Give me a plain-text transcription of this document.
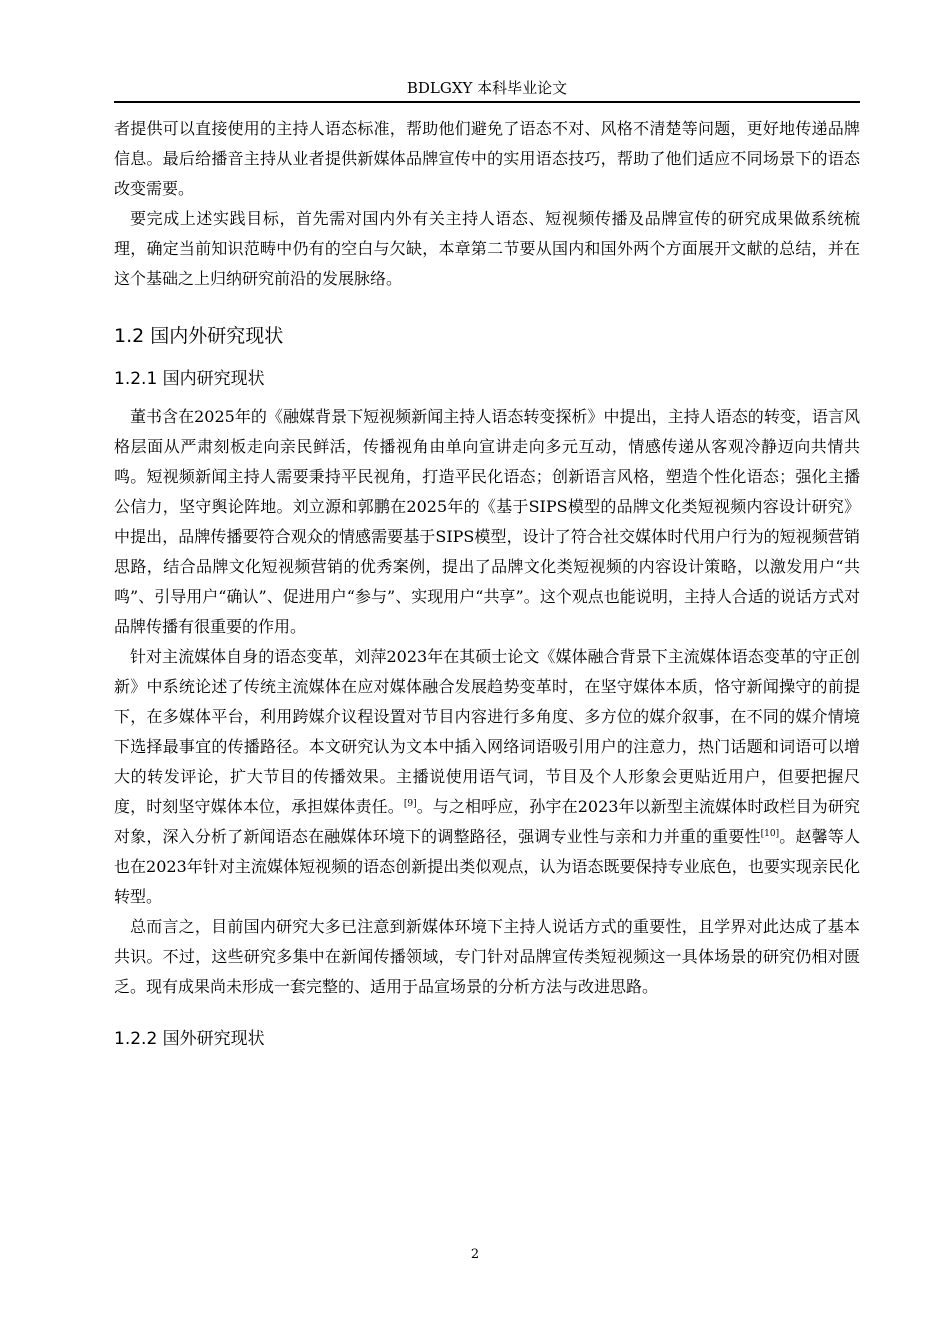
BDLGXY 本科毕业论文

者提供可以直接使用的主持人语态标准，帮助他们避免了语态不对、风格不清楚等问题，更好地传递品牌信息。最后给播音主持从业者提供新媒体品牌宣传中的实用语态技巧，帮助了他们适应不同场景下的语态改变需要。

要完成上述实践目标，首先需对国内外有关主持人语态、短视频传播及品牌宣传的研究成果做系统梳理，确定当前知识范畴中仍有的空白与欠缺，本章第二节要从国内和国外两个方面展开文献的总结，并在这个基础之上归纳研究前沿的发展脉络。

1.2 国内外研究现状
1.2.1 国内研究现状

董书含在2025年的《融媒背景下短视频新闻主持人语态转变探析》中提出，主持人语态的转变，语言风格层面从严肃刻板走向亲民鲜活，传播视角由单向宣讲走向多元互动，情感传递从客观冷静迈向共情共鸣。短视频新闻主持人需要秉持平民视角，打造平民化语态；创新语言风格，塑造个性化语态；强化主播公信力，坚守舆论阵地。刘立源和郭鹏在2025年的《基于SIPS模型的品牌文化类短视频内容设计研究》中提出，品牌传播要符合观众的情感需要基于SIPS模型，设计了符合社交媒体时代用户行为的短视频营销思路，结合品牌文化短视频营销的优秀案例，提出了品牌文化类短视频的内容设计策略，以激发用户“共鸣”、引导用户“确认”、促进用户“参与”、实现用户“共享”。这个观点也能说明，主持人合适的说话方式对品牌传播有很重要的作用。

针对主流媒体自身的语态变革，刘萍2023年在其硕士论文《媒体融合背景下主流媒体语态变革的守正创新》中系统论述了传统主流媒体在应对媒体融合发展趋势变革时，在坚守媒体本质，恪守新闻操守的前提下，在多媒体平台，利用跨媒介议程设置对节目内容进行多角度、多方位的媒介叙事，在不同的媒介情境下选择最事宜的传播路径。本文研究认为文本中插入网络词语吸引用户的注意力，热门话题和词语可以增大的转发评论，扩大节目的传播效果。主播说使用语气词，节目及个人形象会更贴近用户，但要把握尺度，时刻坚守媒体本位，承担媒体责任。[9]。与之相呼应，孙宇在2023年以新型主流媒体时政栏目为研究对象，深入分析了新闻语态在融媒体环境下的调整路径，强调专业性与亲和力并重的重要性[10]。赵馨等人也在2023年针对主流媒体短视频的语态创新提出类似观点，认为语态既要保持专业底色，也要实现亲民化转型。

总而言之，目前国内研究大多已注意到新媒体环境下主持人说话方式的重要性，且学界对此达成了基本共识。不过，这些研究多集中在新闻传播领域，专门针对品牌宣传类短视频这一具体场景的研究仍相对匮乏。现有成果尚未形成一套完整的、适用于品宣场景的分析方法与改进思路。

1.2.2 国外研究现状
2
